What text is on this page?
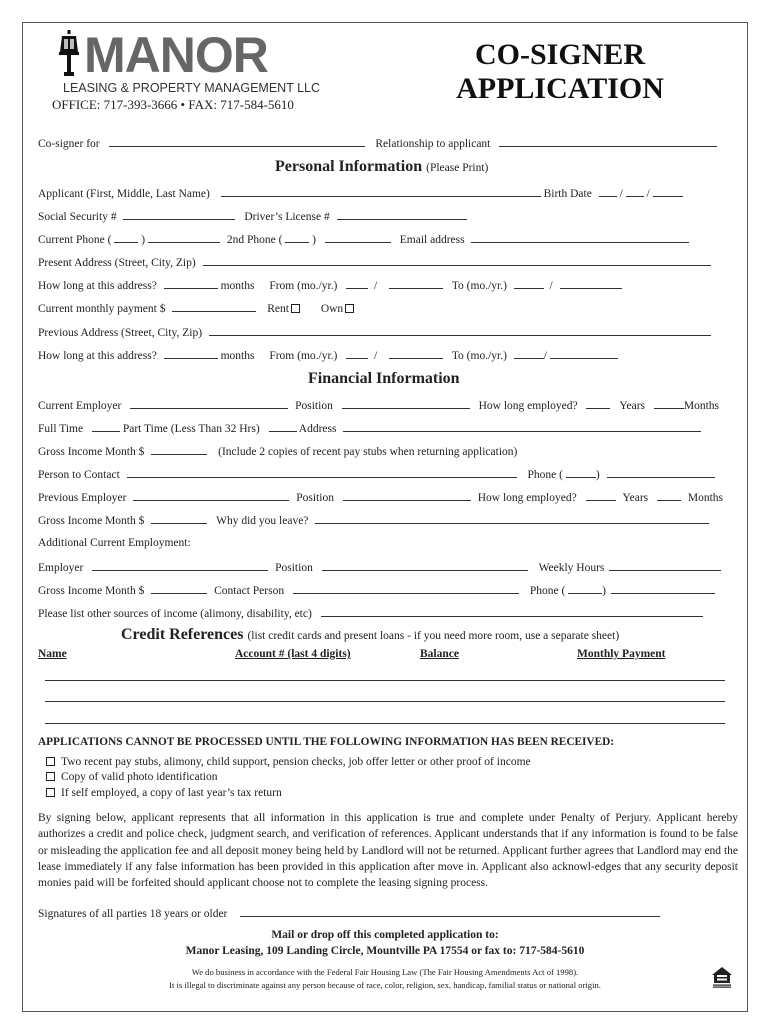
MANOR
LEASING & PROPERTY MANAGEMENT LLC
OFFICE: 717-393-3666 • FAX: 717-584-5610
CO-SIGNER
APPLICATION
Co-signer for	Relationship to applicant
Personal Information (Please Print)
Applicant (First, Middle, Last Name)	Birth Date  /  /
Social Security #	Driver’s License #
Current Phone (  )	2nd Phone (  )	Email address
Present Address (Street, City, Zip)
How long at this address?	months From (mo./yr.)	/	To (mo./yr.)	/
Current monthly payment $	Rent	Own
Previous Address (Street, City, Zip)
How long at this address?	months From (mo./yr.)	/	To (mo./yr.)	/
Financial Information
Current Employer	Position	How long employed?	Years	Months
Full Time	Part Time (Less Than 32 Hrs)	Address
Gross Income Month $	(Include 2 copies of recent pay stubs when returning application)
Person to Contact	Phone (	)
Previous Employer	Position	How long employed?	Years	Months
Gross Income Month $	Why did you leave?
Additional Current Employment:
Employer	Position	Weekly Hours
Gross Income Month $	Contact Person	Phone (	)
Please list other sources of income (alimony, disability, etc)
Credit References (list credit cards and present loans - if you need more room, use a separate sheet)
Name	Account # (last 4 digits)	Balance	Monthly Payment
APPLICATIONS CANNOT BE PROCESSED UNTIL THE FOLLOWING INFORMATION HAS BEEN RECEIVED:
Two recent pay stubs, alimony, child support, pension checks, job offer letter or other proof of income
Copy of valid photo identification
If self employed, a copy of last year’s tax return
By signing below, applicant represents that all information in this application is true and complete under Penalty of Perjury. Applicant hereby authorizes a credit and police check, judgment search, and verification of references. Applicant understands that if any information is found to be false or misleading the application fee and all deposit money being held by Landlord will not be returned. Applicant further agrees that Landlord may end the lease immediately if any false information has been provided in this application after move in. Applicant also acknowl-edges that any security deposit monies paid will be forfeited should applicant choose not to complete the leasing signing process.
Signatures of all parties 18 years or older
Mail or drop off this completed application to:
Manor Leasing, 109 Landing Circle, Mountville PA 17554 or fax to: 717-584-5610
We do business in accordance with the Federal Fair Housing Law (The Fair Housing Amendments Act of 1998).
It is illegal to discriminate against any person because of race, color, religion, sex, handicap, familial status or national origin.
